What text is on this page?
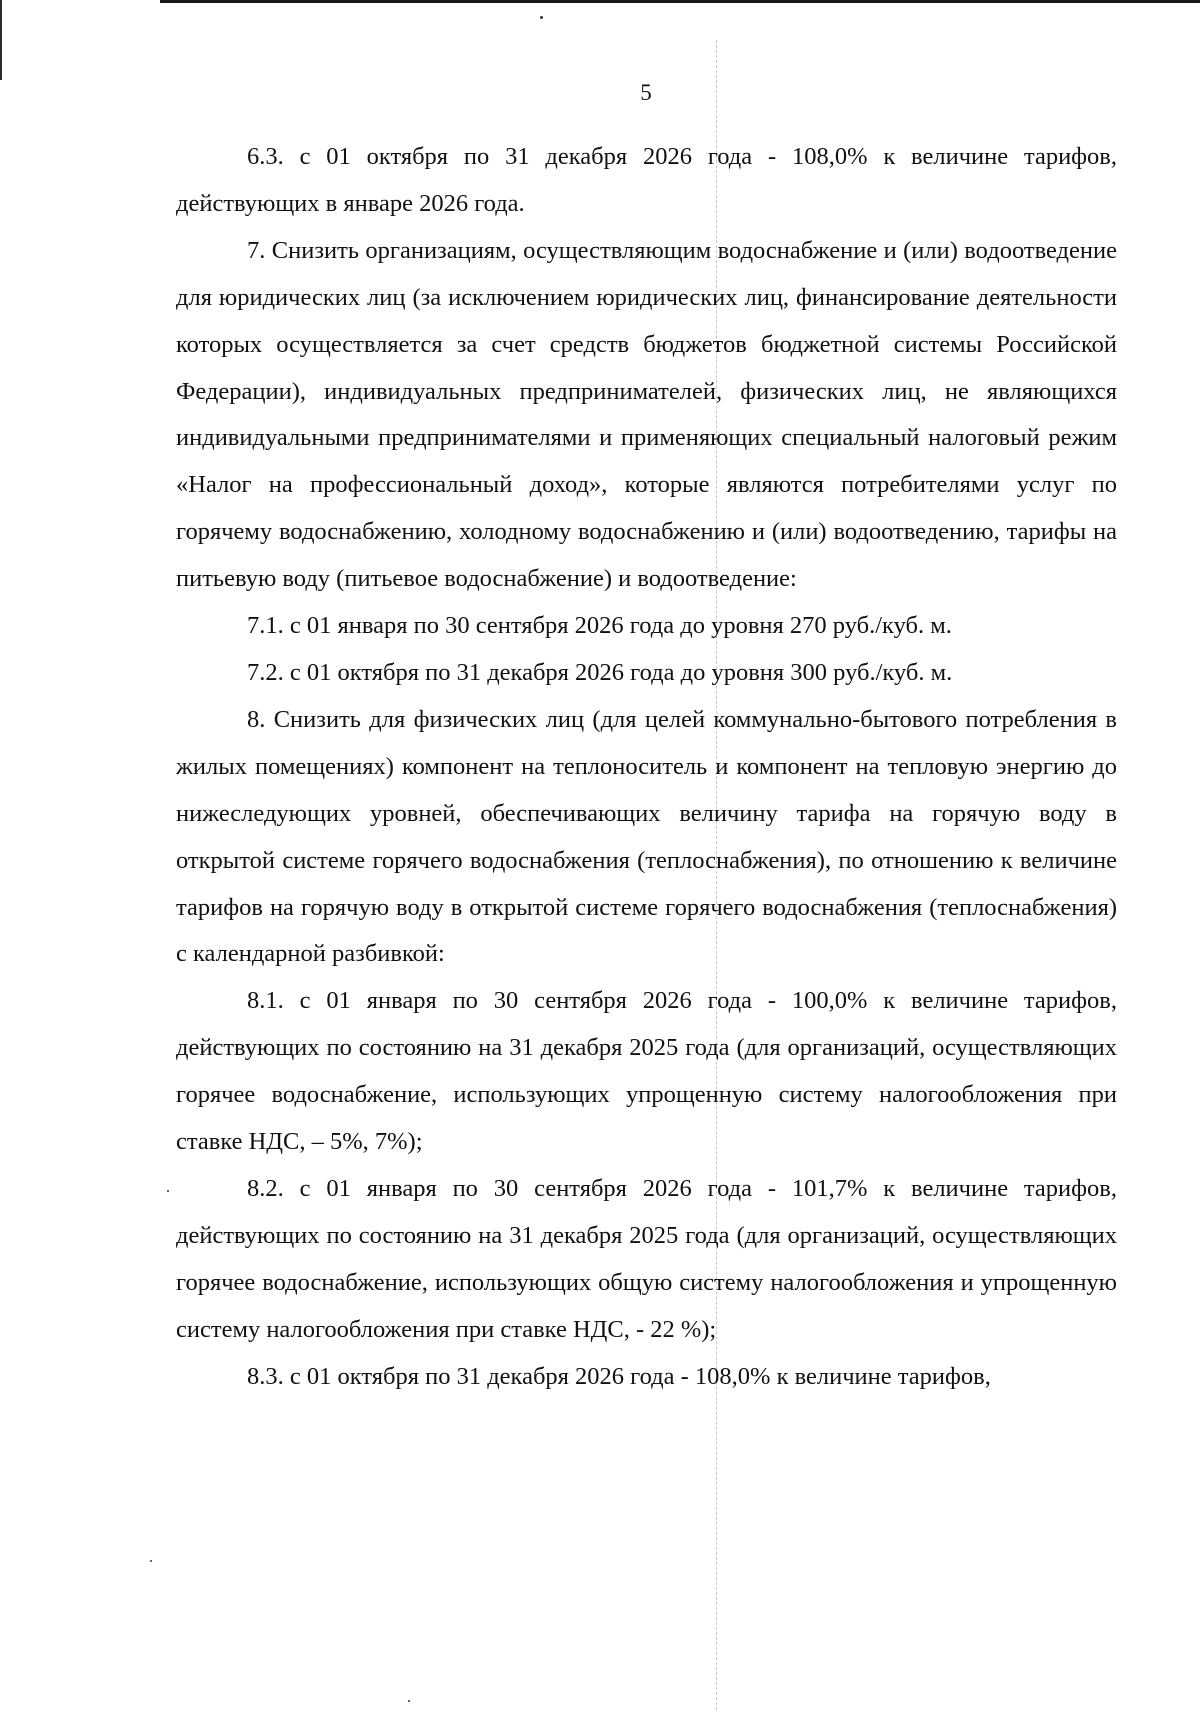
5

6.3. с 01 октября по 31 декабря 2026 года - 108,0% к величине тарифов, действующих в январе 2026 года.

7. Снизить организациям, осуществляющим водоснабжение и (или) водоотведение для юридических лиц (за исключением юридических лиц, финансирование деятельности которых осуществляется за счет средств бюджетов бюджетной системы Российской Федерации), индивидуальных предпринимателей, физических лиц, не являющихся индивидуальными предпринимателями и применяющих специальный налоговый режим «Налог на профессиональный доход», которые являются потребителями услуг по горячему водоснабжению, холодному водоснабжению и (или) водоотведению, тарифы на питьевую воду (питьевое водоснабжение) и водоотведение:

7.1. с 01 января по 30 сентября 2026 года до уровня 270 руб./куб. м.

7.2. с 01 октября по 31 декабря 2026 года до уровня 300 руб./куб. м.

8. Снизить для физических лиц (для целей коммунально-бытового потребления в жилых помещениях) компонент на теплоноситель и компонент на тепловую энергию до нижеследующих уровней, обеспечивающих величину тарифа на горячую воду в открытой системе горячего водоснабжения (теплоснабжения), по отношению к величине тарифов на горячую воду в открытой системе горячего водоснабжения (теплоснабжения) с календарной разбивкой:

8.1. с 01 января по 30 сентября 2026 года - 100,0% к величине тарифов, действующих по состоянию на 31 декабря 2025 года (для организаций, осуществляющих горячее водоснабжение, использующих упрощенную систему налогообложения при ставке НДС, – 5%, 7%);

8.2. с 01 января по 30 сентября 2026 года - 101,7% к величине тарифов, действующих по состоянию на 31 декабря 2025 года (для организаций, осуществляющих горячее водоснабжение, использующих общую систему налогообложения и упрощенную систему налогообложения при ставке НДС, - 22 %);

8.3. с 01 октября по 31 декабря 2026 года - 108,0% к величине тарифов,
